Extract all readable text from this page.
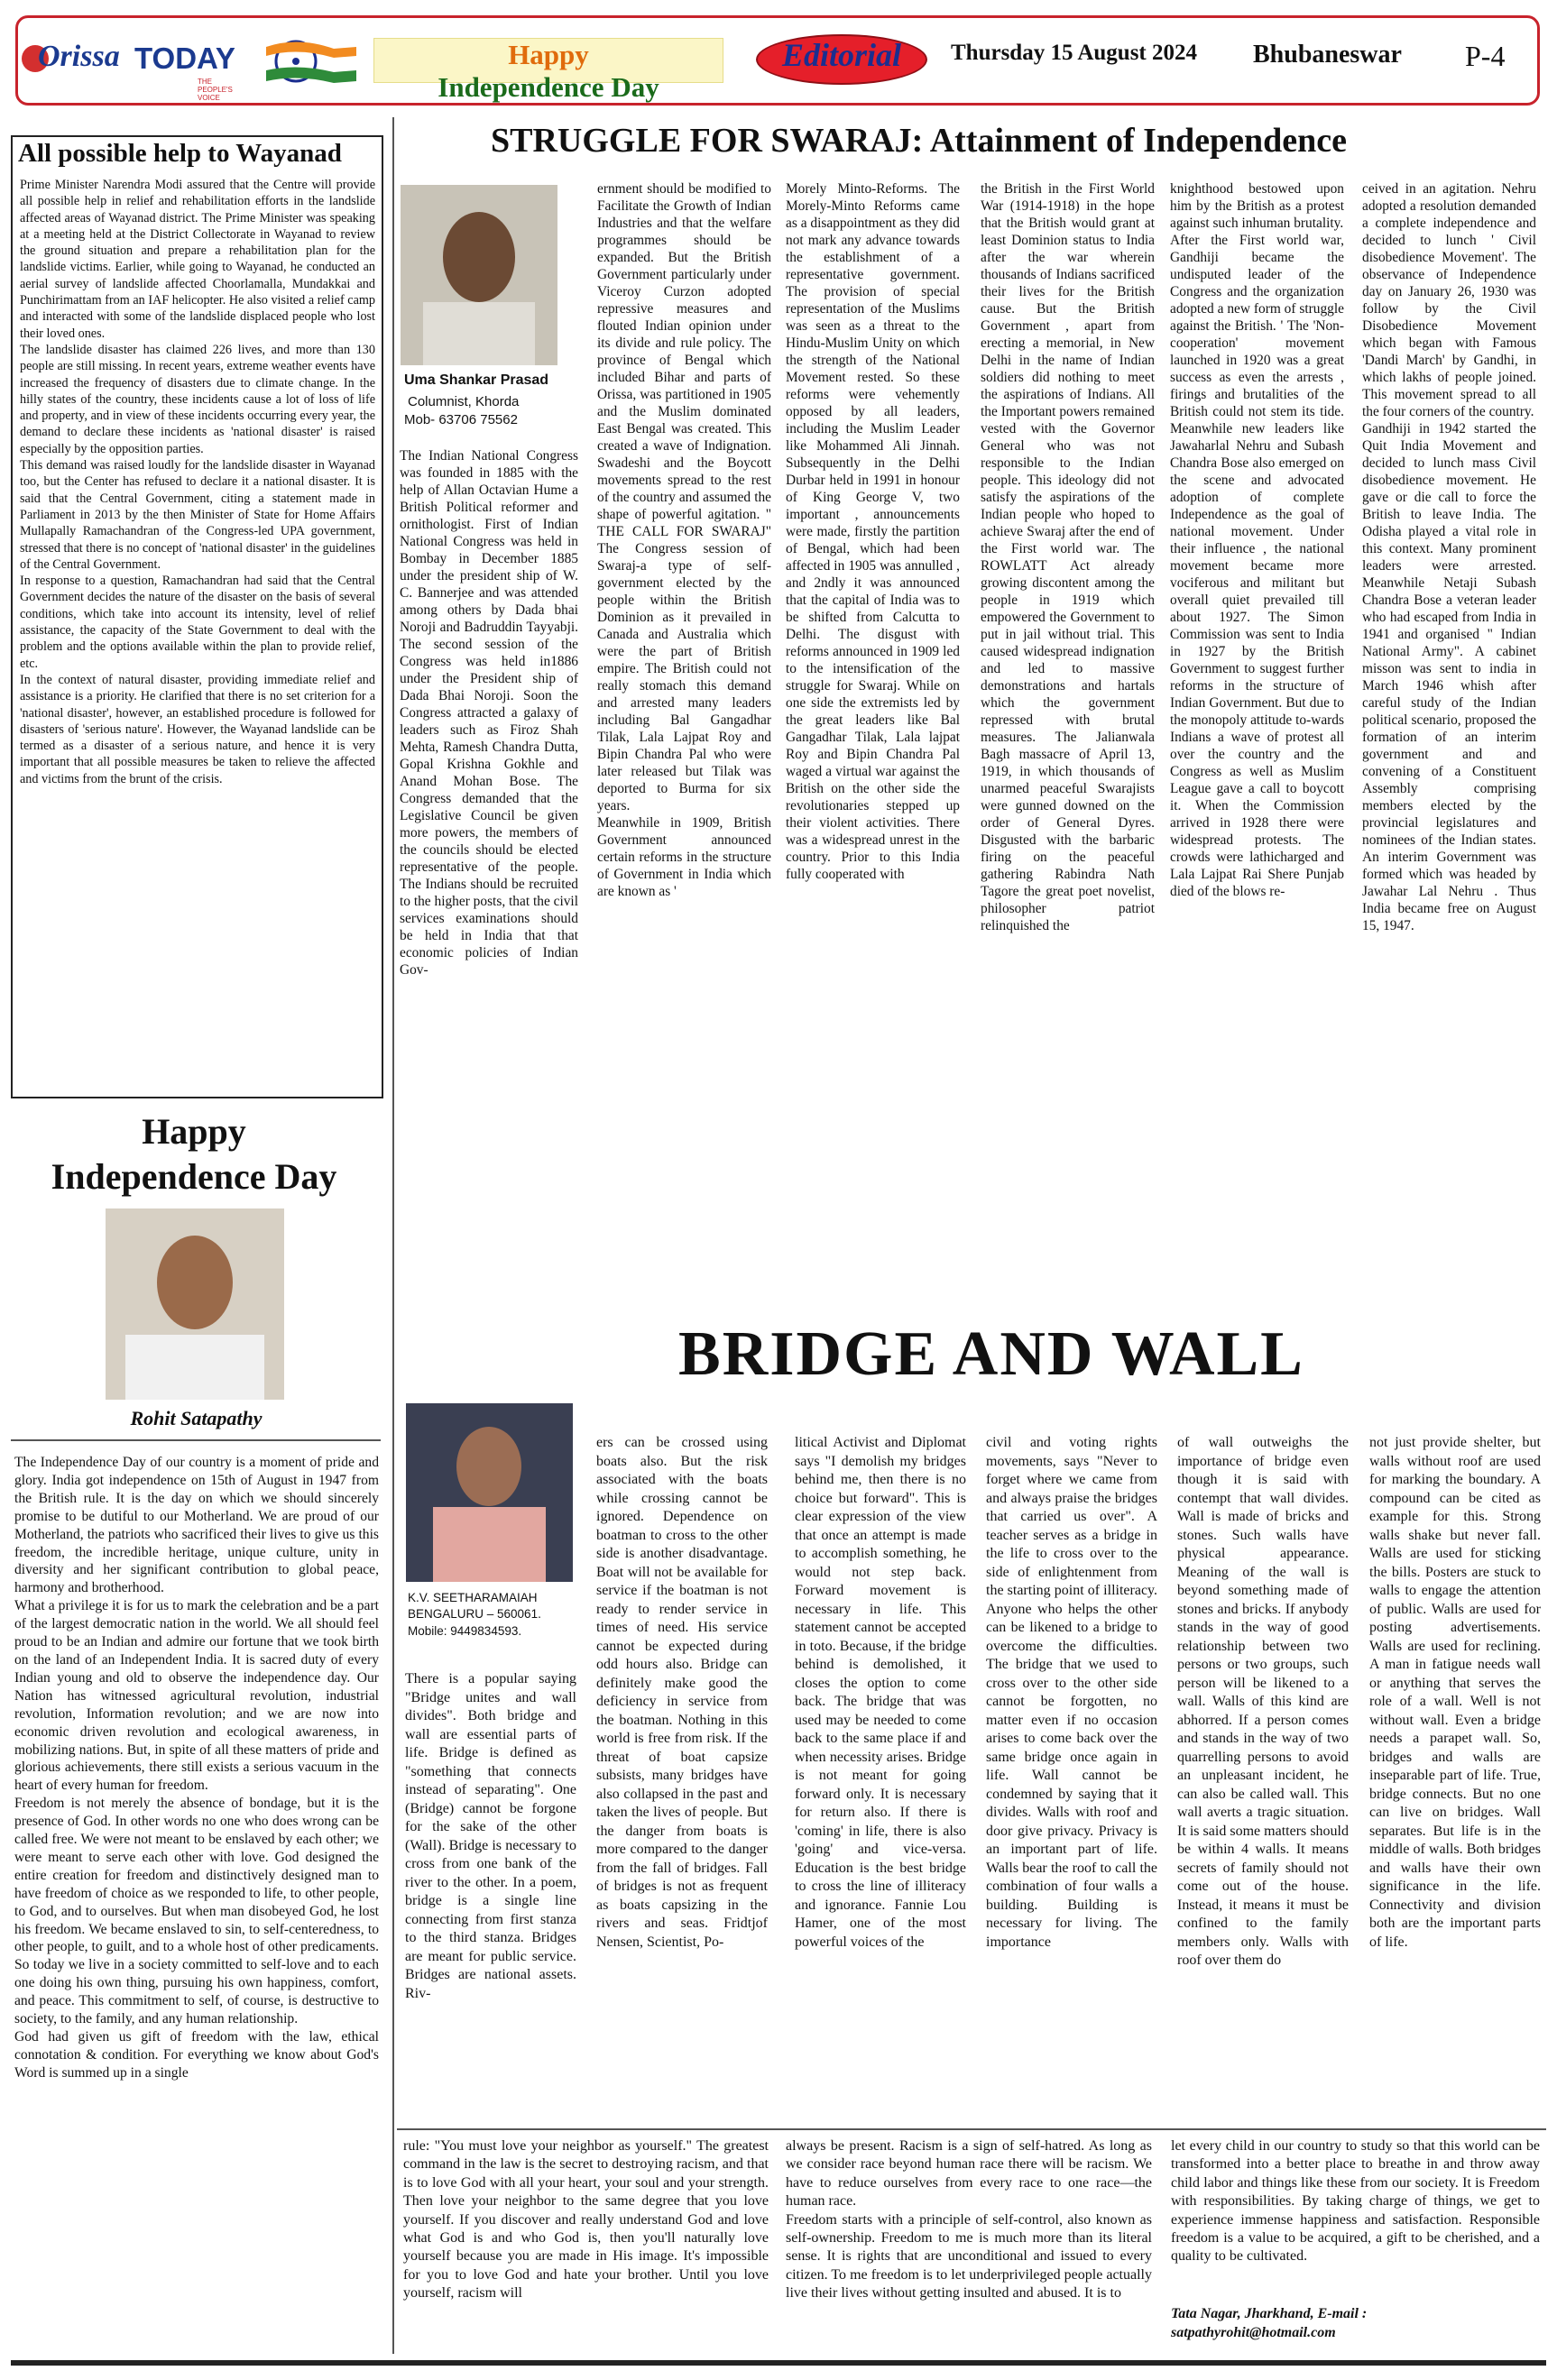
Orissa TODAY
THE PEOPLE'S VOICE
Happy
Independence Day
Editorial	Thursday 15 August 2024 Bhubaneswar P-4
All possible help to Wayanad
Prime Minister Narendra Modi assured that the Centre will provide all possible help in relief and rehabilitation efforts in the landslide affected areas of Wayanad district. The Prime Minister was speaking at a meeting held at the District Collectorate in Wayanad to review the ground situation and prepare a rehabilitation plan for the landslide victims. Earlier, while going to Wayanad, he conducted an aerial survey of landslide affected Choorlamalla, Mundakkai and Punchirimattam from an IAF helicopter. He also visited a relief camp and interacted with some of the landslide displaced people who lost their loved ones.
The landslide disaster has claimed 226 lives, and more than 130 people are still missing. In recent years, extreme weather events have increased the frequency of disasters due to climate change. In the hilly states of the country, these incidents cause a lot of loss of life and property, and in view of these incidents occurring every year, the demand to declare these incidents as 'national disaster' is raised especially by the opposition parties.
This demand was raised loudly for the landslide disaster in Wayanad too, but the Center has refused to declare it a national disaster. It is said that the Central Government, citing a statement made in Parliament in 2013 by the then Minister of State for Home Affairs Mullapally Ramachandran of the Congress-led UPA government, stressed that there is no concept of 'national disaster' in the guidelines of the Central Government.
In response to a question, Ramachandran had said that the Central Government decides the nature of the disaster on the basis of several conditions, which take into account its intensity, level of relief assistance, the capacity of the State Government to deal with the problem and the options available within the plan to provide relief, etc.
In the context of natural disaster, providing immediate relief and assistance is a priority. He clarified that there is no set criterion for a 'national disaster', however, an established procedure is followed for disasters of 'serious nature'. However, the Wayanad landslide can be termed as a disaster of a serious nature, and hence it is very important that all possible measures be taken to relieve the affected and victims from the brunt of the crisis.
STRUGGLE FOR SWARAJ: Attainment of Independence
Uma Shankar Prasad
Columnist, Khorda
Mob- 63706 75562
The Indian National Congress was founded in 1885 with the help of Allan Octavian Hume a British Political reformer and ornithologist. First of Indian National Congress was held in Bombay in December 1885 under the president ship of W. C. Bannerjee and was attended among others by Dada bhai Noroji and Badruddin Tayyabji. The second session of the Congress was held in1886 under the President ship of Dada Bhai Noroji. Soon the Congress attracted a galaxy of leaders such as Firoz Shah Mehta, Ramesh Chandra Dutta, Gopal Krishna Gokhle and Anand Mohan Bose. The Congress demanded that the Legislative Council be given more powers, the members of the councils should be elected representative of the people. The Indians should be recruited to the higher posts, that the civil services examinations should be held in India that that economic policies of Indian Gov-
ernment should be modified to Facilitate the Growth of Indian Industries and that the welfare programmes should be expanded. But the British Government particularly under Viceroy Curzon adopted repressive measures and flouted Indian opinion under its divide and rule policy. The province of Bengal which included Bihar and parts of Orissa, was partitioned in 1905 and the Muslim dominated East Bengal was created. This created a wave of Indignation. Swadeshi and the Boycott movements spread to the rest of the country and assumed the shape of powerful agitation. " THE CALL FOR SWARAJ" The Congress session of Swaraj-a type of self-government elected by the people within the British Dominion as it prevailed in Canada and Australia which were the part of British empire. The British could not really stomach this demand and arrested many leaders including Bal Gangadhar Tilak, Lala Lajpat Roy and Bipin Chandra Pal who were later released but Tilak was deported to Burma for six years.
Meanwhile in 1909, British Government announced certain reforms in the structure of Government in India which are known as '
Morely Minto-Reforms. The Morely-Minto Reforms came as a disappointment as they did not mark any advance towards the establishment of a representative government. The provision of special representation of the Muslims was seen as a threat to the Hindu-Muslim Unity on which the strength of the National Movement rested. So these reforms were vehemently opposed by all leaders, including the Muslim Leader like Mohammed Ali Jinnah. Subsequently in the Delhi Durbar held in 1991 in honour of King George V, two important , announcements were made, firstly the partition of Bengal, which had been affected in 1905 was annulled , and 2ndly it was announced that the capital of India was to be shifted from Calcutta to Delhi. The disgust with reforms announced in 1909 led to the intensification of the struggle for Swaraj. While on one side the extremists led by the great leaders like Bal Gangadhar Tilak, Lala lajpat Roy and Bipin Chandra Pal waged a virtual war against the British on the other side the revolutionaries stepped up their violent activities. There was a widespread unrest in the country. Prior to this India fully cooperated with
the British in the First World War (1914-1918) in the hope that the British would grant at least Dominion status to India after the war wherein thousands of Indians sacrificed their lives for the British cause. But the British Government , apart from erecting a memorial, in New Delhi in the name of Indian soldiers did nothing to meet the aspirations of Indians. All the Important powers remained vested with the Governor General who was not responsible to the Indian people. This ideology did not satisfy the aspirations of the Indian people who hoped to achieve Swaraj after the end of the First world war. The ROWLATT Act already growing discontent among the people in 1919 which empowered the Government to put in jail without trial. This caused widespread indignation and led to massive demonstrations and hartals which the government repressed with brutal measures. The Jalianwala Bagh massacre of April 13, 1919, in which thousands of unarmed peaceful Swarajists were gunned downed on the order of General Dyres. Disgusted with the barbaric firing on the peaceful gathering Rabindra Nath Tagore the great poet novelist, philosopher patriot relinquished the
knighthood bestowed upon him by the British as a protest against such inhuman brutality.
After the First world war, Gandhiji became the undisputed leader of the Congress and the organization adopted a new form of struggle against the British. ' The 'Non-cooperation' movement launched in 1920 was a great success as even the arrests , firings and brutalities of the British could not stem its tide. Meanwhile new leaders like Jawaharlal Nehru and Subash Chandra Bose also emerged on the scene and advocated adoption of complete Independence as the goal of national movement. Under their influence , the national movement became more vociferous and militant but overall quiet prevailed till about 1927. The Simon Commission was sent to India in 1927 by the British Government to suggest further reforms in the structure of Indian Government. But due to the monopoly attitude to-wards Indians a wave of protest all over the country and the Congress as well as Muslim League gave a call to boycott it. When the Commission arrived in 1928 there were widespread protests. The crowds were lathicharged and Lala Lajpat Rai Shere Punjab died of the blows re-
ceived in an agitation. Nehru adopted a resolution demanded a complete independence and decided to lunch ' Civil disobedience Movement'. The observance of Independence day on January 26, 1930 was follow by the Civil Disobedience Movement which began with Famous 'Dandi March' by Gandhi, in which lakhs of people joined. This movement spread to all the four corners of the country.
Gandhiji in 1942 started the Quit India Movement and decided to lunch mass Civil disobedience movement. He gave or die call to force the British to leave India. The Odisha played a vital role in this context. Many prominent leaders were arrested. Meanwhile Netaji Subash Chandra Bose a veteran leader who had escaped from India in 1941 and organised " Indian National Army". A cabinet misson was sent to india in March 1946 whish after careful study of the Indian political scenario, proposed the formation of an interim government and and convening of a Constituent Assembly comprising members elected by the provincial legislatures and nominees of the Indian states. An interim Government was formed which was headed by Jawahar Lal Nehru . Thus India became free on August 15, 1947.
Happy
Independence Day
Rohit Satapathy
The Independence Day of our country is a moment of pride and glory. India got independence on 15th of August in 1947 from the British rule. It is the day on which we should sincerely promise to be dutiful to our Motherland. We are proud of our Motherland, the patriots who sacrificed their lives to give us this freedom, the incredible heritage, unique culture, unity in diversity and her significant contribution to global peace, harmony and brotherhood.
What a privilege it is for us to mark the celebration and be a part of the largest democratic nation in the world. We all should feel proud to be an Indian and admire our fortune that we took birth on the land of an Independent India. It is sacred duty of every Indian young and old to observe the independence day. Our Nation has witnessed agricultural revolution, industrial revolution, Information revolution; and we are now into economic driven revolution and ecological awareness, in mobilizing nations. But, in spite of all these matters of pride and glorious achievements, there still exists a serious vacuum in the heart of every human for freedom.
Freedom is not merely the absence of bondage, but it is the presence of God. In other words no one who does wrong can be called free. We were not meant to be enslaved by each other; we were meant to serve each other with love. God designed the entire creation for freedom and distinctively designed man to have freedom of choice as we responded to life, to other people, to God, and to ourselves. But when man disobeyed God, he lost his freedom. We became enslaved to sin, to self-centeredness, to other people, to guilt, and to a whole host of other predicaments. So today we live in a society committed to self-love and to each one doing his own thing, pursuing his own happiness, comfort, and peace. This commitment to self, of course, is destructive to society, to the family, and any human relationship.
God had given us gift of freedom with the law, ethical connotation & condition. For everything we know about God's Word is summed up in a single
BRIDGE AND WALL
K.V. SEETHARAMAIAH
BENGALURU – 560061.
Mobile: 9449834593.
There is a popular saying "Bridge unites and wall divides". Both bridge and wall are essential parts of life. Bridge is defined as "something that connects instead of separating". One (Bridge) cannot be forgone for the sake of the other (Wall). Bridge is necessary to cross from one bank of the river to the other. In a poem, bridge is a single line connecting from first stanza to the third stanza. Bridges are meant for public service. Bridges are national assets. Riv-
ers can be crossed using boats also. But the risk associated with the boats while crossing cannot be ignored. Dependence on boatman to cross to the other side is another disadvantage. Boat will not be available for service if the boatman is not ready to render service in times of need. His service cannot be expected during odd hours also. Bridge can definitely make good the deficiency in service from the boatman. Nothing in this world is free from risk. If the threat of boat capsize subsists, many bridges have also collapsed in the past and taken the lives of people. But the danger from boats is more compared to the danger from the fall of bridges. Fall of bridges is not as frequent as boats capsizing in the rivers and seas. Fridtjof Nensen, Scientist, Po-
litical Activist and Diplomat says "I demolish my bridges behind me, then there is no choice but forward". This is clear expression of the view that once an attempt is made to accomplish something, he would not step back. Forward movement is necessary in life. This statement cannot be accepted in toto. Because, if the bridge behind is demolished, it closes the option to come back. The bridge that was used may be needed to come back to the same place if and when necessity arises. Bridge is not meant for going forward only. It is necessary for return also. If there is 'coming' in life, there is also 'going' and vice-versa. Education is the best bridge to cross the line of illiteracy and ignorance. Fannie Lou Hamer, one of the most powerful voices of the
civil and voting rights movements, says "Never to forget where we came from and always praise the bridges that carried us over". A teacher serves as a bridge in the life to cross over to the side of enlightenment from the starting point of illiteracy. Anyone who helps the other can be likened to a bridge to overcome the difficulties. The bridge that we used to cross over to the other side cannot be forgotten, no matter even if no occasion arises to come back over the same bridge once again in life. Wall cannot be condemned by saying that it divides. Walls with roof and door give privacy. Privacy is an important part of life. Walls bear the roof to call the combination of four walls a building. Building is necessary for living. The importance
of wall outweighs the importance of bridge even though it is said with contempt that wall divides. Wall is made of bricks and stones. Such walls have physical appearance. Meaning of the wall is beyond something made of stones and bricks. If anybody stands in the way of good relationship between two persons or two groups, such person will be likened to a wall. Walls of this kind are abhorred. If a person comes and stands in the way of two quarrelling persons to avoid an unpleasant incident, he can also be called wall. This wall averts a tragic situation. It is said some matters should be within 4 walls. It means secrets of family should not come out of the house. Instead, it means it must be confined to the family members only. Walls with roof over them do
not just provide shelter, but walls without roof are used for marking the boundary. A compound can be cited as example for this. Strong walls shake but never fall. Walls are used for sticking the bills. Posters are stuck to walls to engage the attention of public. Walls are used for posting advertisements. Walls are used for reclining. A man in fatigue needs wall or anything that serves the role of a wall. Well is not without wall. Even a bridge needs a parapet wall. So, bridges and walls are inseparable part of life. True, bridge connects. But no one can live on bridges. Wall separates. But life is in the middle of walls. Both bridges and walls have their own significance in the life. Connectivity and division both are the important parts of life.
rule: "You must love your neighbor as yourself." The greatest command in the law is the secret to destroying racism, and that is to love God with all your heart, your soul and your strength. Then love your neighbor to the same degree that you love yourself. If you discover and really understand God and love what God is and who God is, then you'll naturally love yourself because you are made in His image. It's impossible for you to love God and hate your brother. Until you love yourself, racism will
always be present. Racism is a sign of self-hatred. As long as we consider race beyond human race there will be racism. We have to reduce ourselves from every race to one race—the human race.
Freedom starts with a principle of self-control, also known as self-ownership. Freedom to me is much more than its literal sense. It is rights that are unconditional and issued to every citizen. To me freedom is to let underprivileged people actually live their lives without getting insulted and abused. It is to
let every child in our country to study so that this world can be transformed into a better place to breathe in and throw away child labor and things like these from our society. It is Freedom with responsibilities. By taking charge of things, we get to experience immense happiness and satisfaction. Responsible freedom is a value to be acquired, a gift to be cherished, and a quality to be cultivated.
Tata Nagar, Jharkhand, E-mail :
satpathyrohit@hotmail.com
